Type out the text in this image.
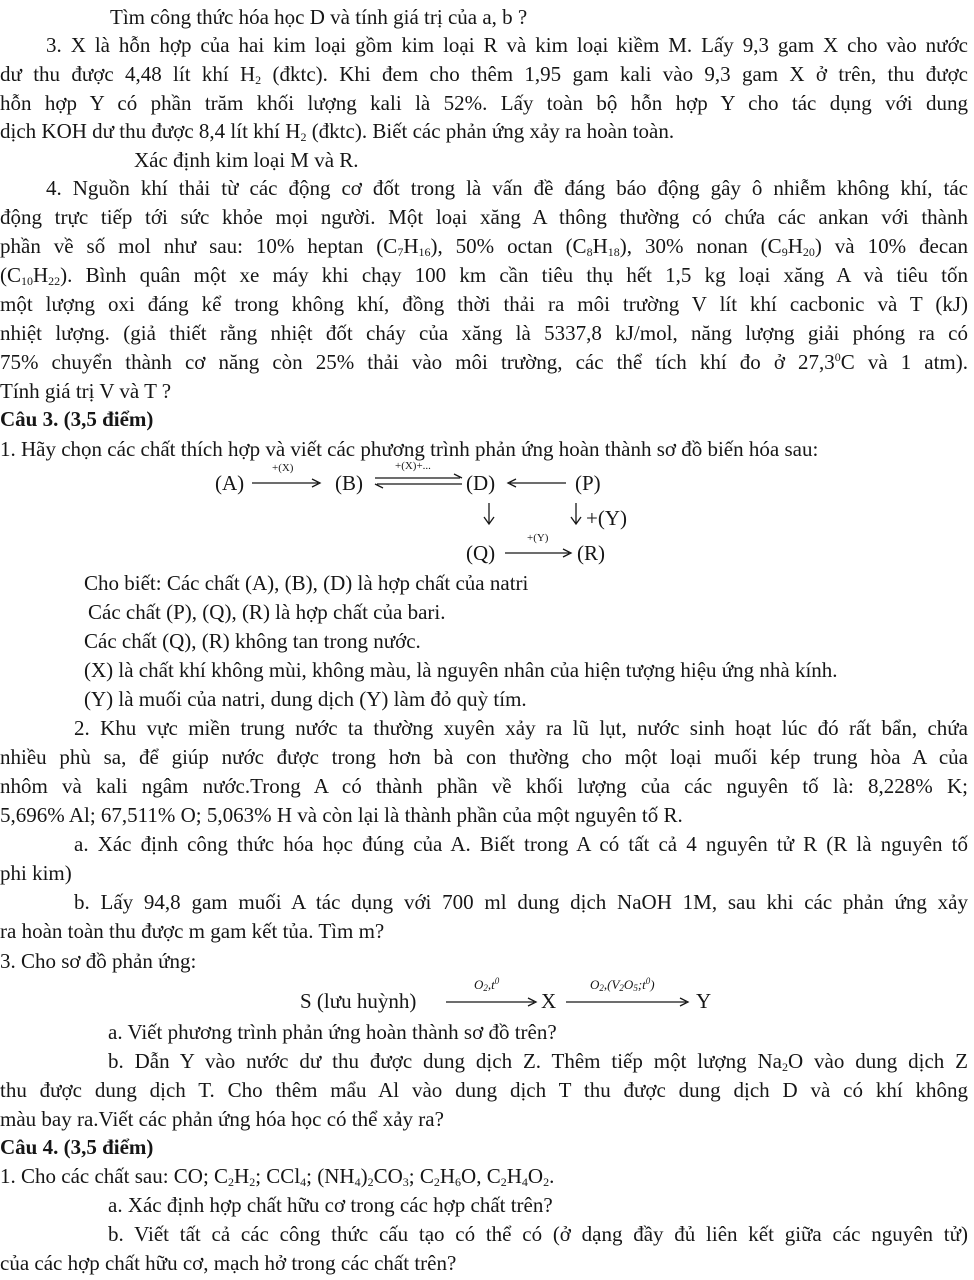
Tìm công thức hóa học D và tính giá trị của a, b ?
3. X là hỗn hợp của hai kim loại gồm kim loại R và kim loại kiềm M. Lấy 9,3 gam X cho vào nước
dư thu được 4,48 lít khí $H_2$ (đktc). Khi đem cho thêm 1,95 gam kali vào 9,3 gam X ở trên, thu được
hỗn hợp Y có phần trăm khối lượng kali là 52%. Lấy toàn bộ hỗn hợp Y cho tác dụng với dung
dịch KOH dư thu được 8,4 lít khí $H_2$ (đktc). Biết các phản ứng xảy ra hoàn toàn.
Xác định kim loại M và R.
4. Nguồn khí thải từ các động cơ đốt trong là vấn đề đáng báo động gây ô nhiễm không khí, tác
động trực tiếp tới sức khỏe mọi người. Một loại xăng A thông thường có chứa các ankan với thành
phần về số mol như sau: 10% heptan $(C_7H_{16})$, 50% octan $(C_8H_{18})$, 30% nonan $(C_9H_{20})$ và 10% đecan
$(C_{10}H_{22})$. Bình quân một xe máy khi chạy 100 km cần tiêu thụ hết 1,5 kg loại xăng A và tiêu tốn
một lượng oxi đáng kể trong không khí, đồng thời thải ra môi trường V lít khí cacbonic và T (kJ)
nhiệt lượng. (giả thiết rằng nhiệt đốt cháy của xăng là 5337,8 kJ/mol, năng lượng giải phóng ra có
75% chuyển thành cơ năng còn 25% thải vào môi trường, các thể tích khí đo ở 27,3$^0$C và 1 atm).
Tính giá trị V và T ?
Câu 3. (3,5 điểm)
1. Hãy chọn các chất thích hợp và viết các phương trình phản ứng hoàn thành sơ đồ biến hóa sau:
(A)
+(X)
(B)
+(X)+...
(D)	(P)
+(Y)
(Q)
+(Y)
(R)
Cho biết: Các chất (A), (B), (D) là hợp chất của natri
Các chất (P), (Q), (R) là hợp chất của bari.
Các chất (Q), (R) không tan trong nước.
(X) là chất khí không mùi, không màu, là nguyên nhân của hiện tượng hiệu ứng nhà kính.
(Y) là muối của natri, dung dịch (Y) làm đỏ quỳ tím.
2. Khu vực miền trung nước ta thường xuyên xảy ra lũ lụt, nước sinh hoạt lúc đó rất bẩn, chứa
nhiều phù sa, để giúp nước được trong hơn bà con thường cho một loại muối kép trung hòa A của
nhôm và kali ngâm nước.Trong A có thành phần về khối lượng của các nguyên tố là: 8,228% K;
5,696% Al; 67,511% O; 5,063% H và còn lại là thành phần của một nguyên tố R.
a. Xác định công thức hóa học đúng của A. Biết trong A có tất cả 4 nguyên tử R (R là nguyên tố
phi kim)
b. Lấy 94,8 gam muối A tác dụng với 700 ml dung dịch NaOH 1M, sau khi các phản ứng xảy
ra hoàn toàn thu được m gam kết tủa. Tìm m?
3. Cho sơ đồ phản ứng:
S (lưu huỳnh)
$O_2,t^0$
X
$O_2,(V_2O_5;t^0)$
Y
a. Viết phương trình phản ứng hoàn thành sơ đồ trên?
b. Dẫn Y vào nước dư thu được dung dịch Z. Thêm tiếp một lượng $Na_2O$ vào dung dịch Z
thu được dung dịch T. Cho thêm mẩu Al vào dung dịch T thu được dung dịch D và có khí không
màu bay ra.Viết các phản ứng hóa học có thể xảy ra?
Câu 4. (3,5 điểm)
1. Cho các chất sau: CO; $C_2H_2$; CCl$_4$; $(NH_4)_2CO_3$; $C_2H_6O$, $C_2H_4O_2$.
a. Xác định hợp chất hữu cơ trong các hợp chất trên?
b. Viết tất cả các công thức cấu tạo có thể có (ở dạng đầy đủ liên kết giữa các nguyên tử)
của các hợp chất hữu cơ, mạch hở trong các chất trên?
